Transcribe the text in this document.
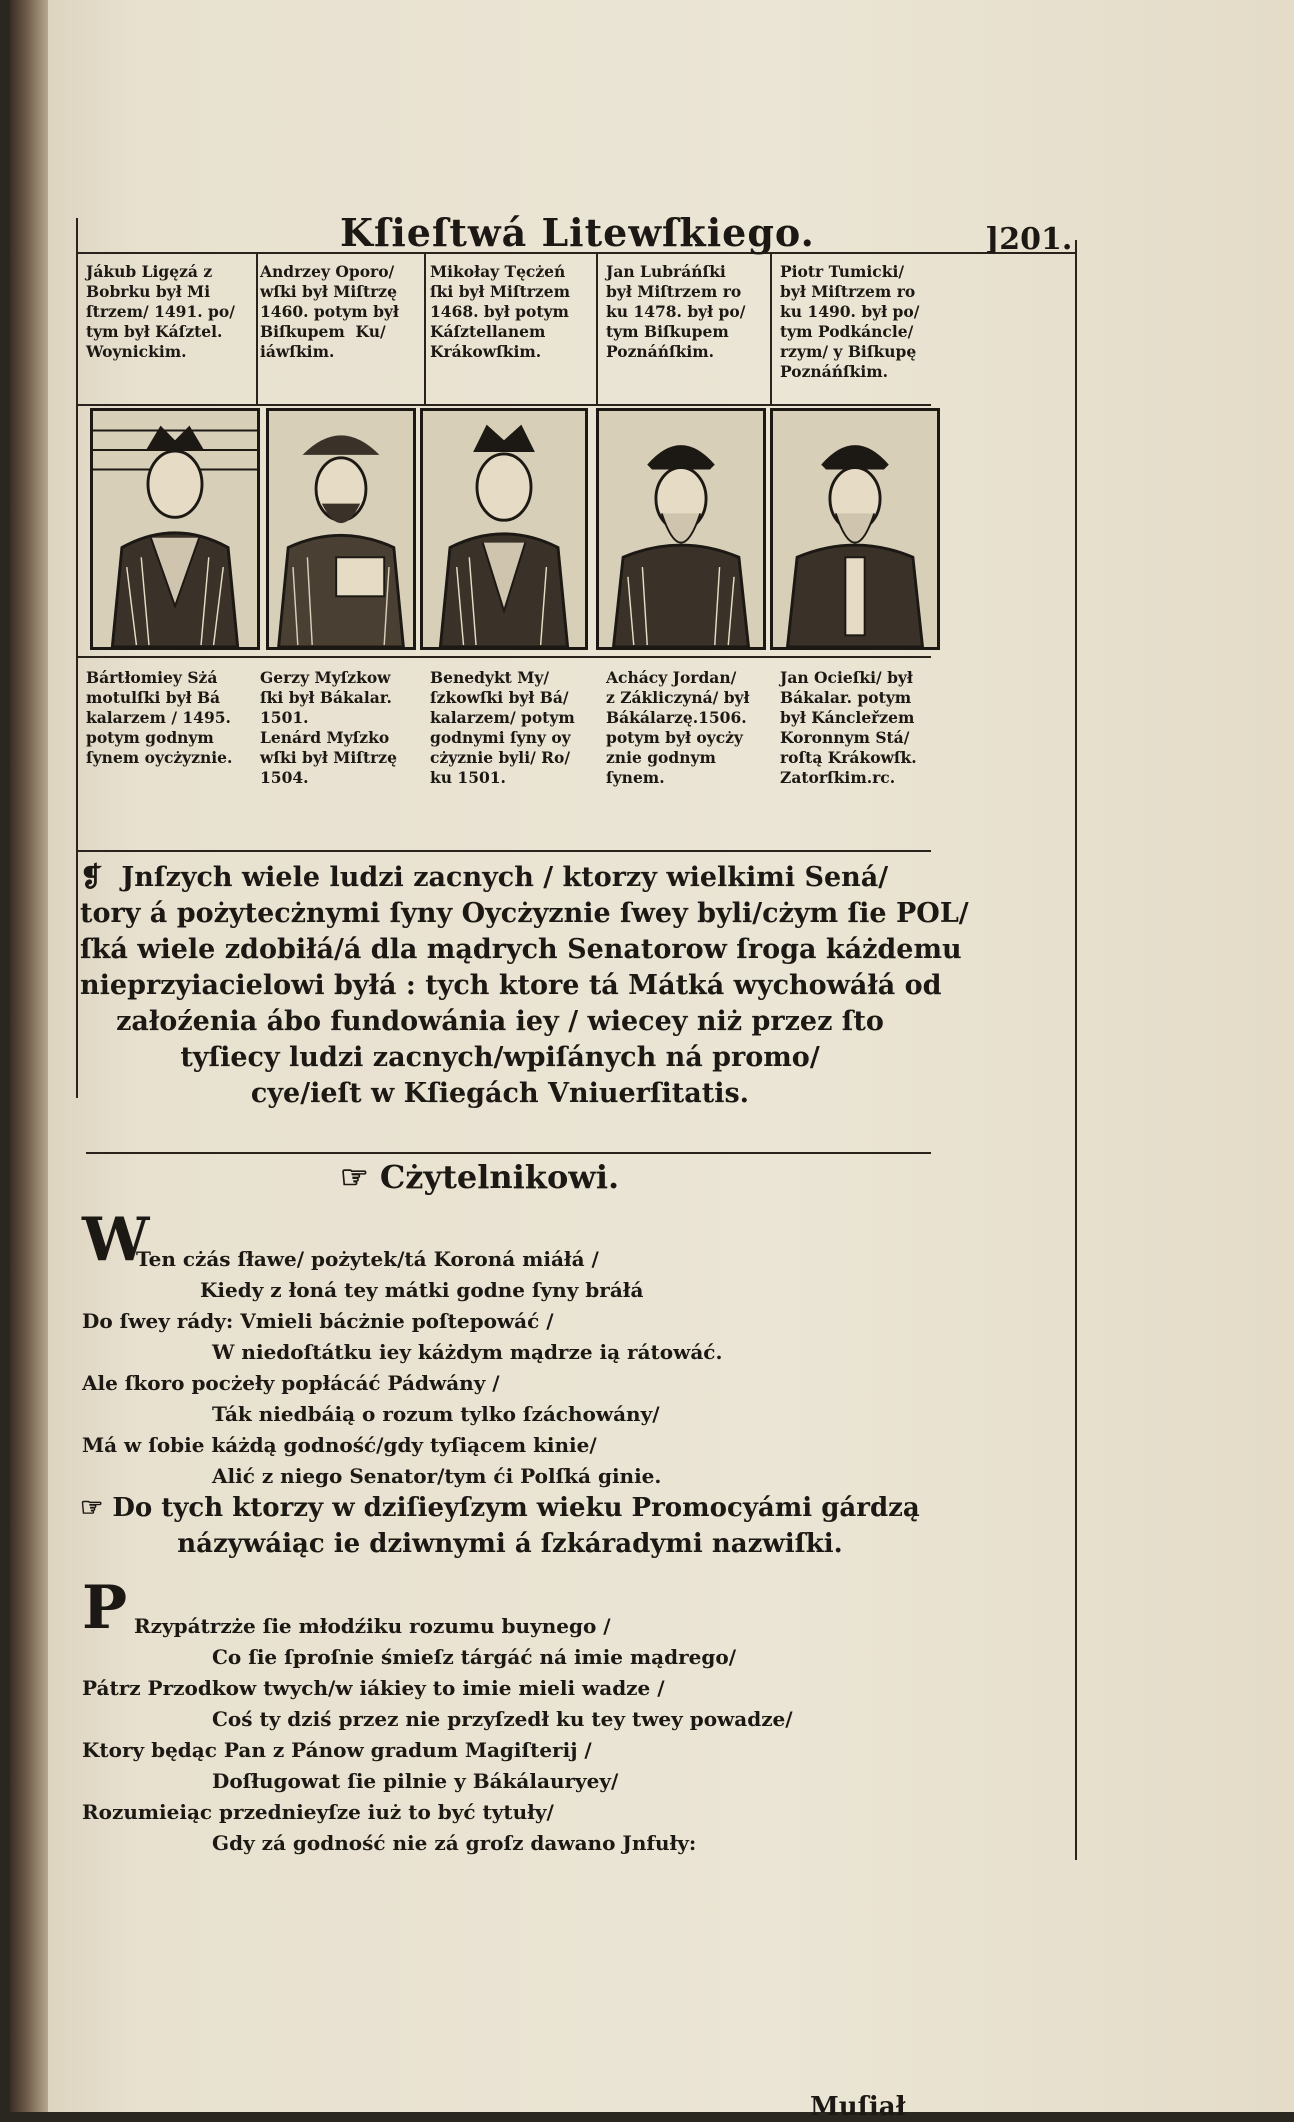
Kſieſtwá Litewſkiego.	]201.
Jákub Ligęzá z
Bobrku był Mi
ſtrzem/ 1491. po/
tym był Káſztel.
Woynickim.
Andrzey Oporo/
wſki był Miſtrzę
1460. potym był
Biſkupem  Ku/
iáwſkim.
Mikołay Tęcżeń
ſki był Miſtrzem
1468. był potym
Káſztellanem
Krákowſkim.
Jan Lubráńſki
był Miſtrzem ro
ku 1478. był po/
tym Biſkupem
Poznáńſkim.
Piotr Tumicki/
był Miſtrzem ro
ku 1490. był po/
tym Podkáncle/
rzym/ y Biſkupę
Poznáńſkim.
Bártłomiey Sżá
motulſki był Bá
kalarzem / 1495.
potym godnym
ſynem oycżyznie.
Gerzy Myſzkow
ſki był Bákalar.
1501.
Lenárd Myſzko
wſki był Miſtrzę
1504.
Benedykt My/
ſzkowſki był Bá/
kalarzem/ potym
godnymi ſyny oy
cżyznie byli/ Ro/
ku 1501.
Achácy Jordan/
z Zákliczyná/ był
Bákálarzę.1506.
potym był oycży
znie godnym
ſynem.
Jan Ocieſki/ był
Bákalar. potym
był Káncleřzem
Koronnym Stá/
roſtą Krákowſk.
Zatorſkim.rc.
❡  Jnſzych wiele ludzi zacnych / ktorzy wielkimi Sená/
tory á pożytecżnymi ſyny Oycżyznie ſwey byli/cżym ſie POL/
ſká wiele zdobiłá/á dla mądrych Senatorow ſroga káżdemu
nieprzyiacielowi byłá : tych ktore tá Mátká wychowáłá od
załoźenia ábo fundowánia iey / wiecey niż przez ſto
tyſiecy ludzi zacnych/wpiſánych ná promo/
cye/ieſt w Kſiegách Vniuerſitatis.
☞ Cżytelnikowi.
W

Ten cżás ſławe/ pożytek/tá Koroná miáłá /
Kiedy z łoná tey mátki godne ſyny bráłá
Do ſwey rády: Vmieli bácżnie poſtepowáć /
W niedoſtátku iey káżdym mądrze ią rátowáć.
Ale ſkoro pocżeły popłácáć Pádwány /
Ták niedbáią o rozum tylko ſzáchowány/
Má w ſobie káżdą godność/gdy tyſiącem kinie/
Alić z niego Senator/tym ći Polſká ginie.
☞ Do tych ktorzy w dziſieyſzym wieku Promocyámi gárdzą
názywáiąc ie dziwnymi á ſzkáradymi nazwiſki.
P Rzypátrzże ſie młodźiku rozumu buynego /
Co ſie ſproſnie śmieſz tárgáć ná imie mądrego/
Pátrz Przodkow twych/w iákiey to imie mieli wadze /
Coś ty dziś przez nie przyſzedł ku tey twey powadze/
Ktory będąc Pan z Pánow gradum Magiſterij /
Doſługowat ſie pilnie y Bákálauryey/
Rozumieiąc przednieyſze iuż to być tytuły/
Gdy zá godność nie zá groſz dawano Jnfuły:
Muſiał
